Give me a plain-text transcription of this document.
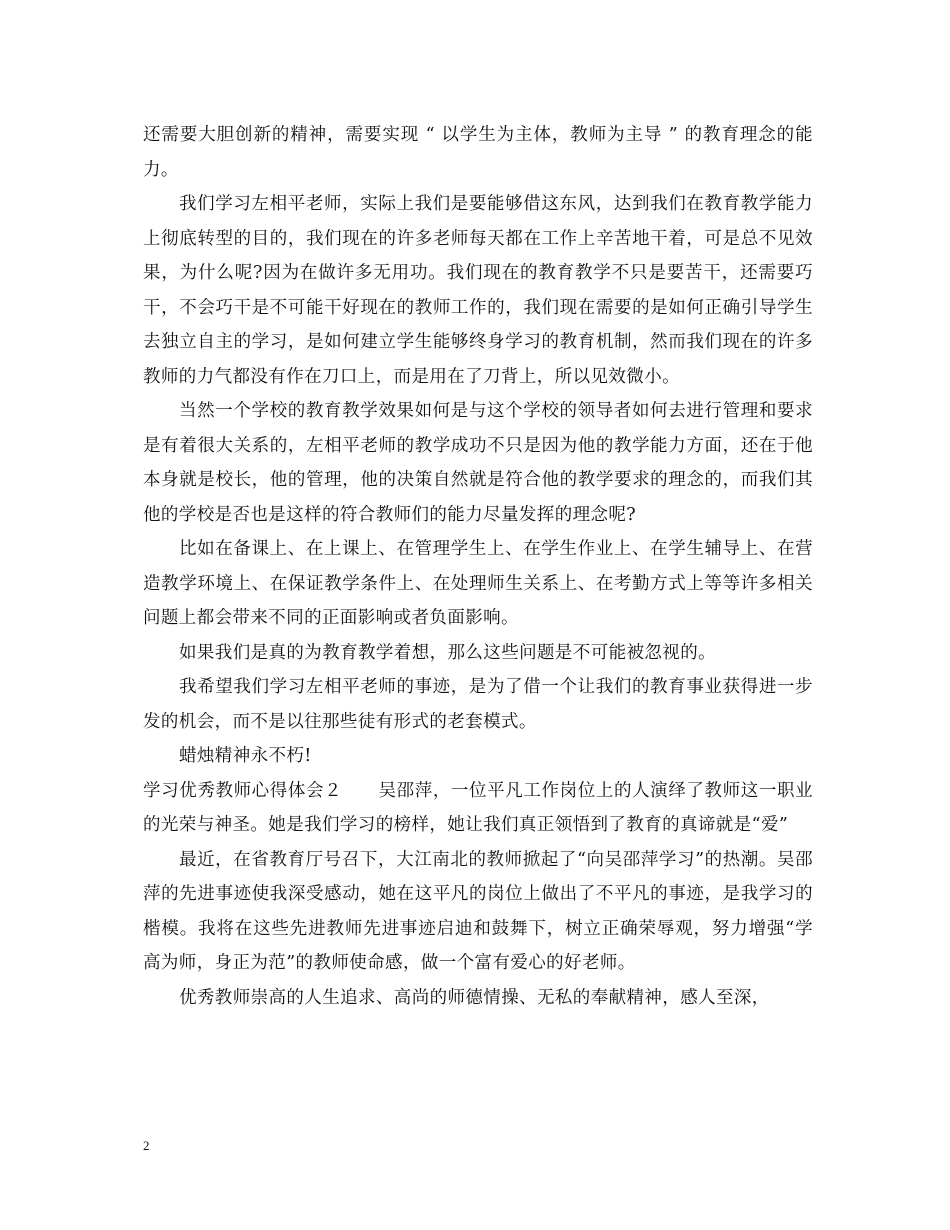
还需要大胆创新的精神，需要实现 “ 以学生为主体，教师为主导 ” 的教育理念的能力。

我们学习左相平老师，实际上我们是要能够借这东风，达到我们在教育教学能力上彻底转型的目的，我们现在的许多老师每天都在工作上辛苦地干着，可是总不见效果，为什么呢?因为在做许多无用功。我们现在的教育教学不只是要苦干，还需要巧干，不会巧干是不可能干好现在的教师工作的，我们现在需要的是如何正确引导学生去独立自主的学习，是如何建立学生能够终身学习的教育机制，然而我们现在的许多教师的力气都没有作在刀口上，而是用在了刀背上，所以见效微小。

当然一个学校的教育教学效果如何是与这个学校的领导者如何去进行管理和要求是有着很大关系的，左相平老师的教学成功不只是因为他的教学能力方面，还在于他本身就是校长，他的管理，他的决策自然就是符合他的教学要求的理念的，而我们其他的学校是否也是这样的符合教师们的能力尽量发挥的理念呢?

比如在备课上、在上课上、在管理学生上、在学生作业上、在学生辅导上、在营造教学环境上、在保证教学条件上、在处理师生关系上、在考勤方式上等等许多相关问题上都会带来不同的正面影响或者负面影响。

如果我们是真的为教育教学着想，那么这些问题是不可能被忽视的。

我希望我们学习左相平老师的事迹，是为了借一个让我们的教育事业获得进一步发的机会，而不是以往那些徒有形式的老套模式。

蜡烛精神永不朽!

学习优秀教师心得体会２　　吴邵萍，一位平凡工作岗位上的人演绎了教师这一职业的光荣与神圣。她是我们学习的榜样，她让我们真正领悟到了教育的真谛就是“爱”

最近，在省教育厅号召下，大江南北的教师掀起了“向吴邵萍学习”的热潮。吴邵萍的先进事迹使我深受感动，她在这平凡的岗位上做出了不平凡的事迹，是我学习的楷模。我将在这些先进教师先进事迹启迪和鼓舞下，树立正确荣辱观，努力增强“学高为师，身正为范”的教师使命感，做一个富有爱心的好老师。

优秀教师崇高的人生追求、高尚的师德情操、无私的奉献精神，感人至深，

2
